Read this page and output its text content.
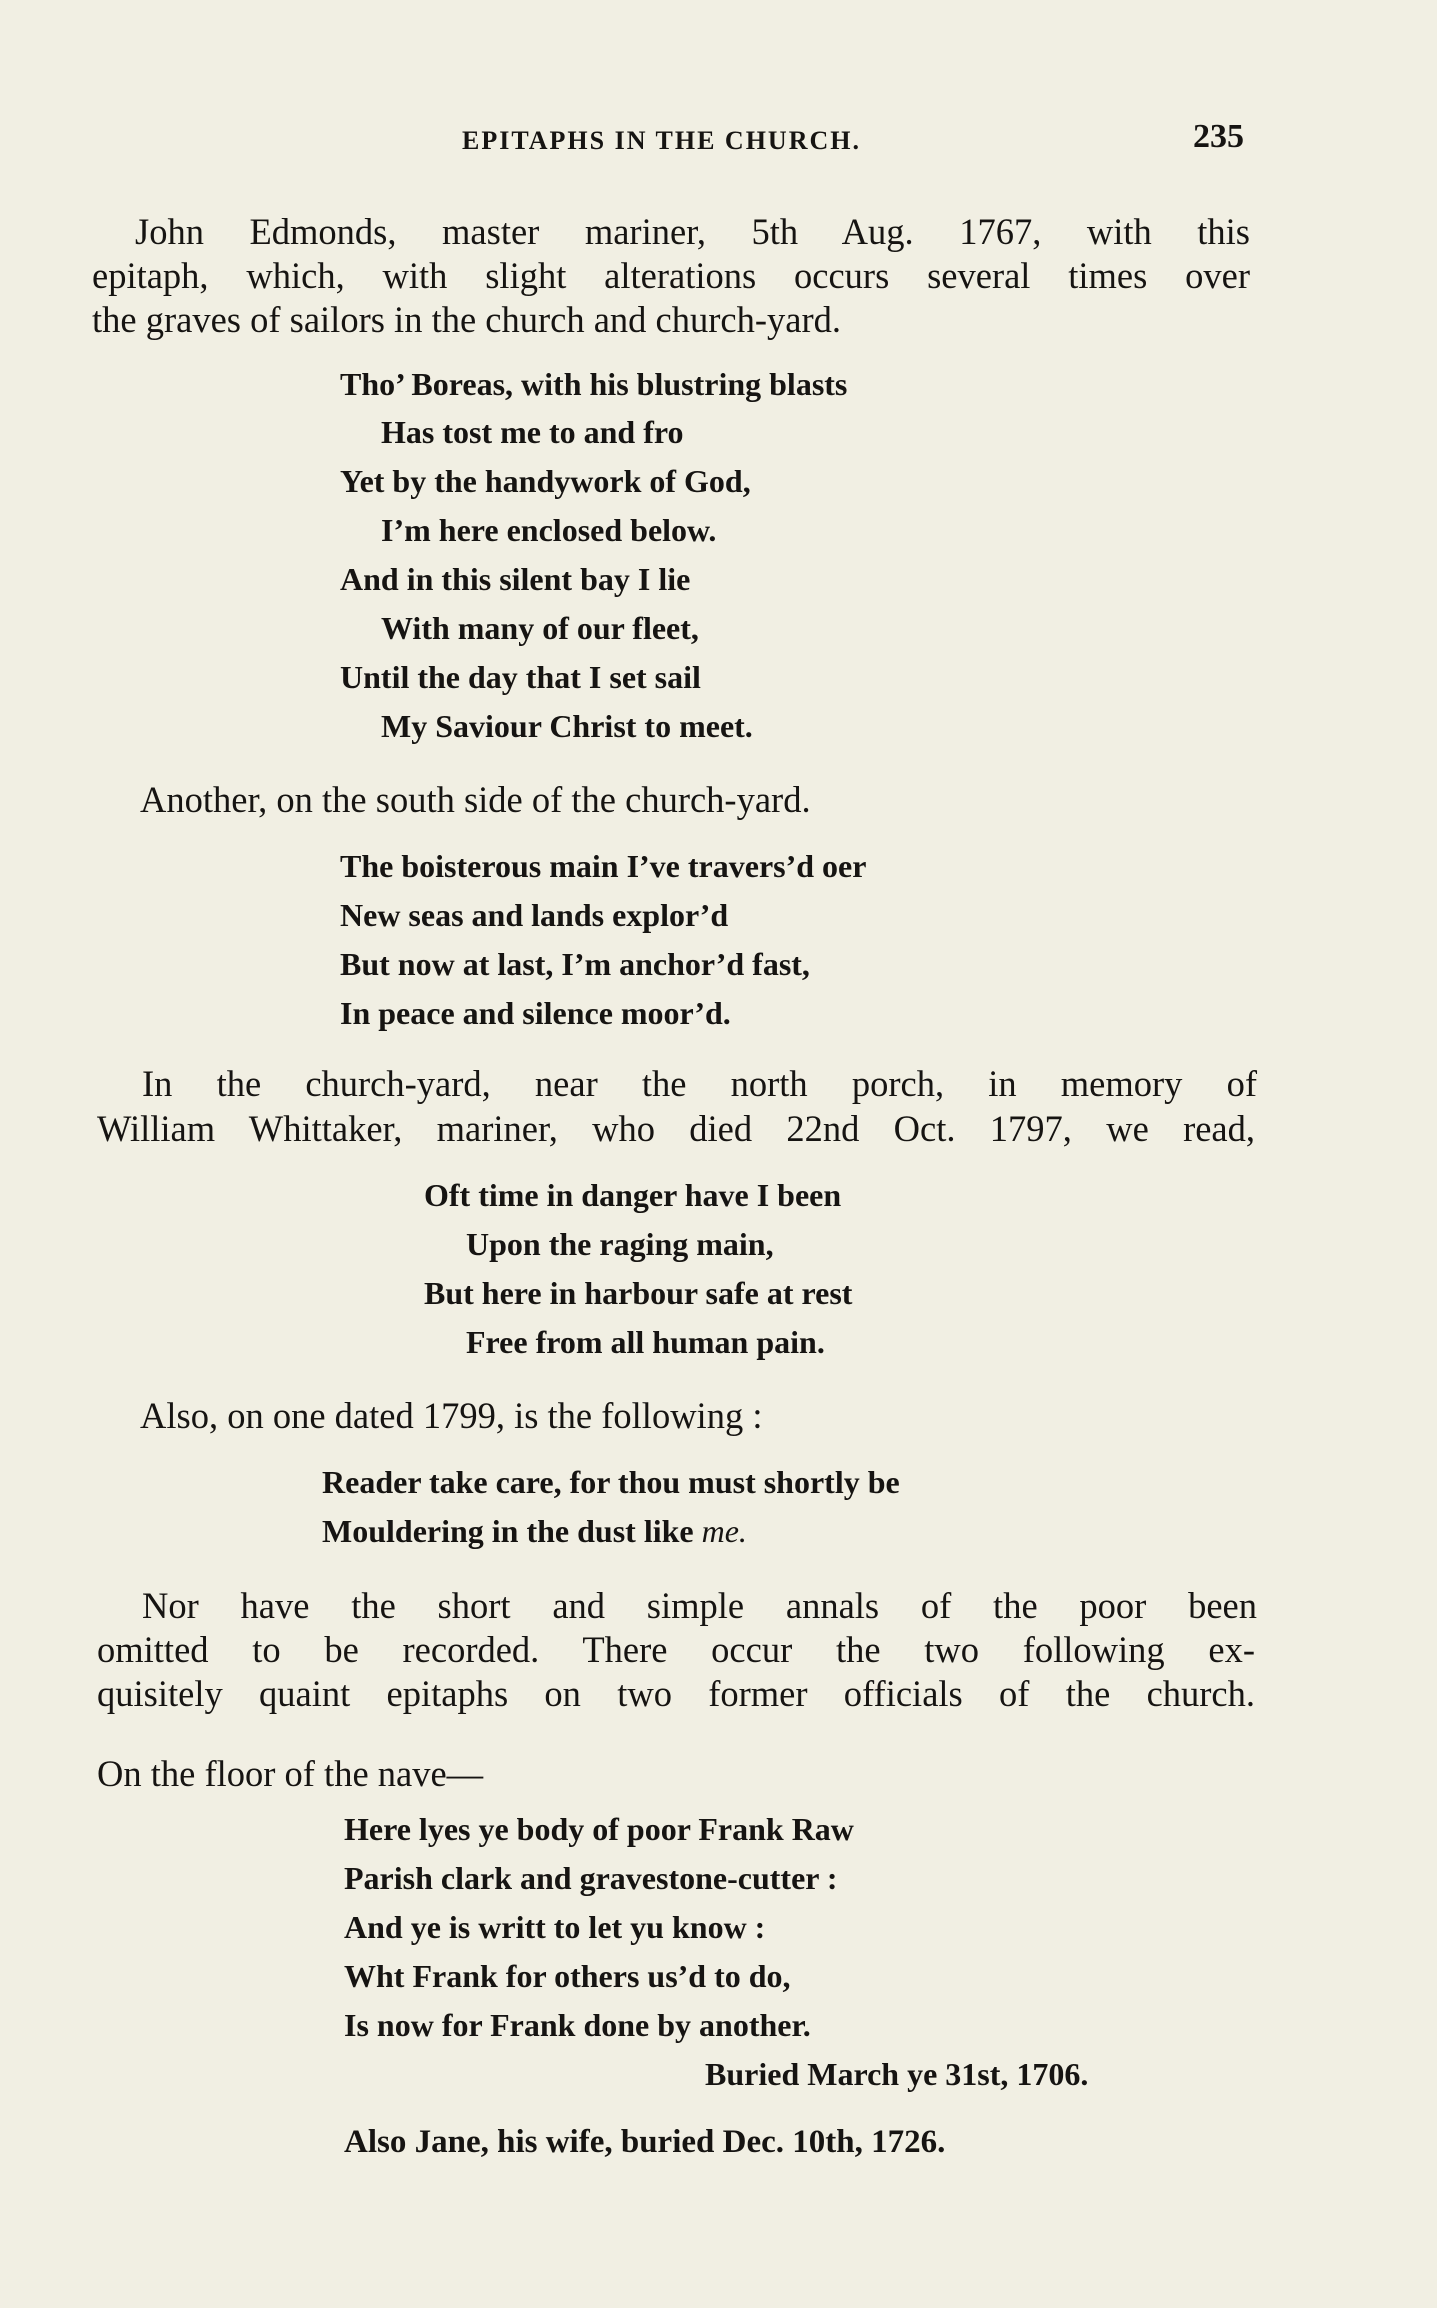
EPITAPHS IN THE CHURCH.	235
John Edmonds, master mariner, 5th Aug. 1767, with this
epitaph, which, with slight alterations occurs several times over
the graves of sailors in the church and church-yard.
Tho’ Boreas, with his blustring blasts
Has tost me to and fro
Yet by the handywork of God,
I’m here enclosed below.
And in this silent bay I lie
With many of our fleet,
Until the day that I set sail
My Saviour Christ to meet.
Another, on the south side of the church-yard.
The boisterous main I’ve travers’d oer
New seas and lands explor’d
But now at last, I’m anchor’d fast,
In peace and silence moor’d.
In the church-yard, near the north porch, in memory of
William Whittaker, mariner, who died 22nd Oct. 1797, we read,
Oft time in danger have I been
Upon the raging main,
But here in harbour safe at rest
Free from all human pain.
Also, on one dated 1799, is the following :
Reader take care, for thou must shortly be
Mouldering in the dust like me.
Nor have the short and simple annals of the poor been
omitted to be recorded. There occur the two following ex-
quisitely quaint epitaphs on two former officials of the church.
On the floor of the nave—
Here lyes ye body of poor Frank Raw
Parish clark and gravestone-cutter :
And ye is writt to let yu know :
Wht Frank for others us’d to do,
Is now for Frank done by another.
Buried March ye 31st, 1706.
Also Jane, his wife, buried Dec. 10th, 1726.
